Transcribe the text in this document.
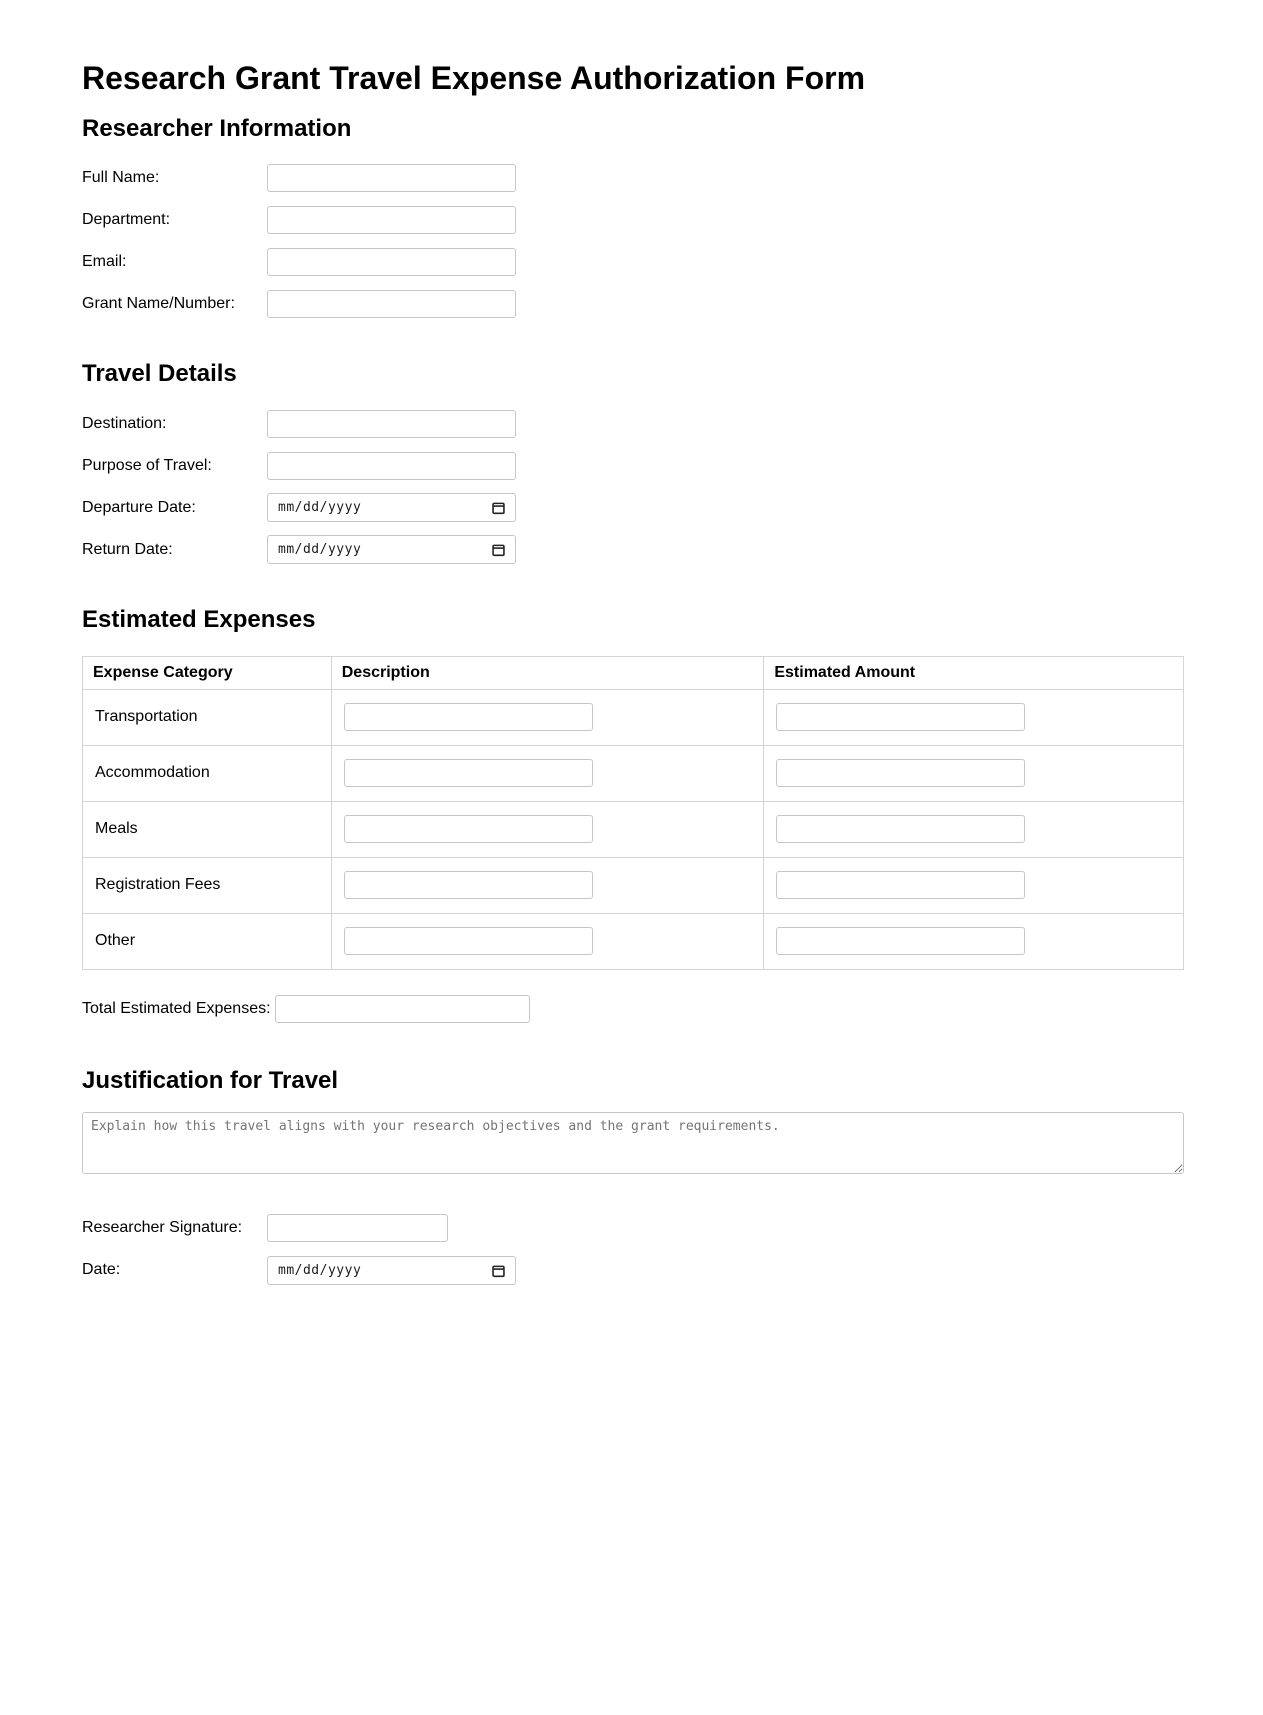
Research Grant Travel Expense Authorization Form
Researcher Information
Full Name:
Department:
Email:
Grant Name/Number:
Travel Details
Destination:
Purpose of Travel:
Departure Date:	mm/dd/yyyy
Return Date:	mm/dd/yyyy
Estimated Expenses
Expense Category	Description	Estimated Amount
Transportation		
Accommodation		
Meals		
Registration Fees		
Other		
Total Estimated Expenses:
Justification for Travel
Explain how this travel aligns with your research objectives and the grant requirements.
Researcher Signature:
Date:	mm/dd/yyyy
